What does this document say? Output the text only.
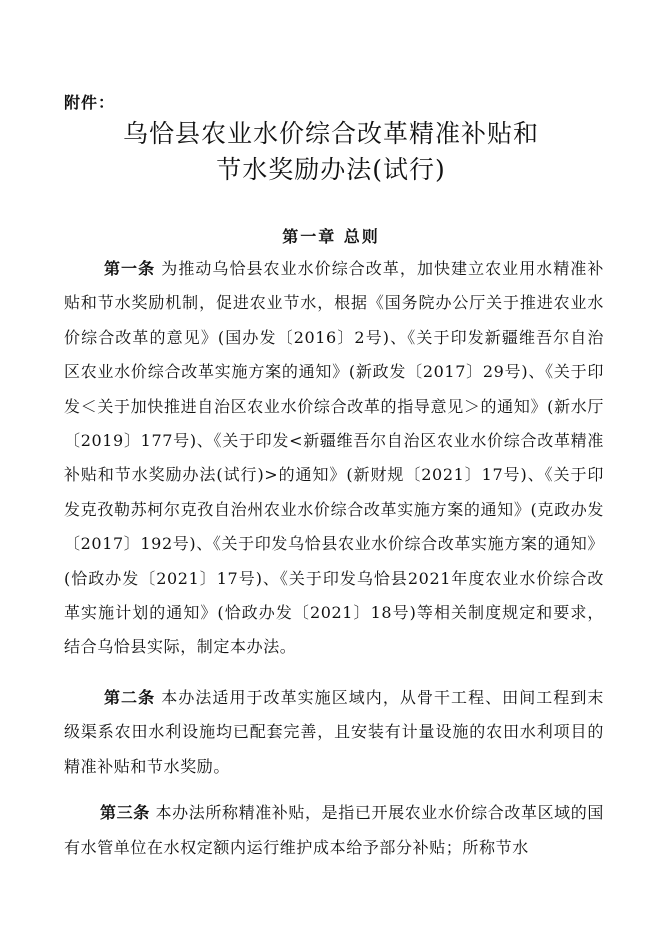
附件：
乌恰县农业水价综合改革精准补贴和
节水奖励办法(试行)
第一章 总则

第一条 为推动乌恰县农业水价综合改革，加快建立农业用水精准补贴和节水奖励机制，促进农业节水，根据《国务院办公厅关于推进农业水价综合改革的意见》(国办发〔2016〕2号)、《关于印发新疆维吾尔自治区农业水价综合改革实施方案的通知》(新政发〔2017〕29号)、《关于印发＜关于加快推进自治区农业水价综合改革的指导意见＞的通知》(新水厅〔2019〕177号)、《关于印发<新疆维吾尔自治区农业水价综合改革精准补贴和节水奖励办法(试行)>的通知》(新财规〔2021〕17号)、《关于印发克孜勒苏柯尔克孜自治州农业水价综合改革实施方案的通知》(克政办发〔2017〕192号)、《关于印发乌恰县农业水价综合改革实施方案的通知》(恰政办发〔2021〕17号)、《关于印发乌恰县2021年度农业水价综合改革实施计划的通知》(恰政办发〔2021〕18号)等相关制度规定和要求，结合乌恰县实际，制定本办法。

第二条 本办法适用于改革实施区域内，从骨干工程、田间工程到末级渠系农田水利设施均已配套完善，且安装有计量设施的农田水利项目的精准补贴和节水奖励。

第三条 本办法所称精准补贴，是指已开展农业水价综合改革区域的国有水管单位在水权定额内运行维护成本给予部分补贴；所称节水
